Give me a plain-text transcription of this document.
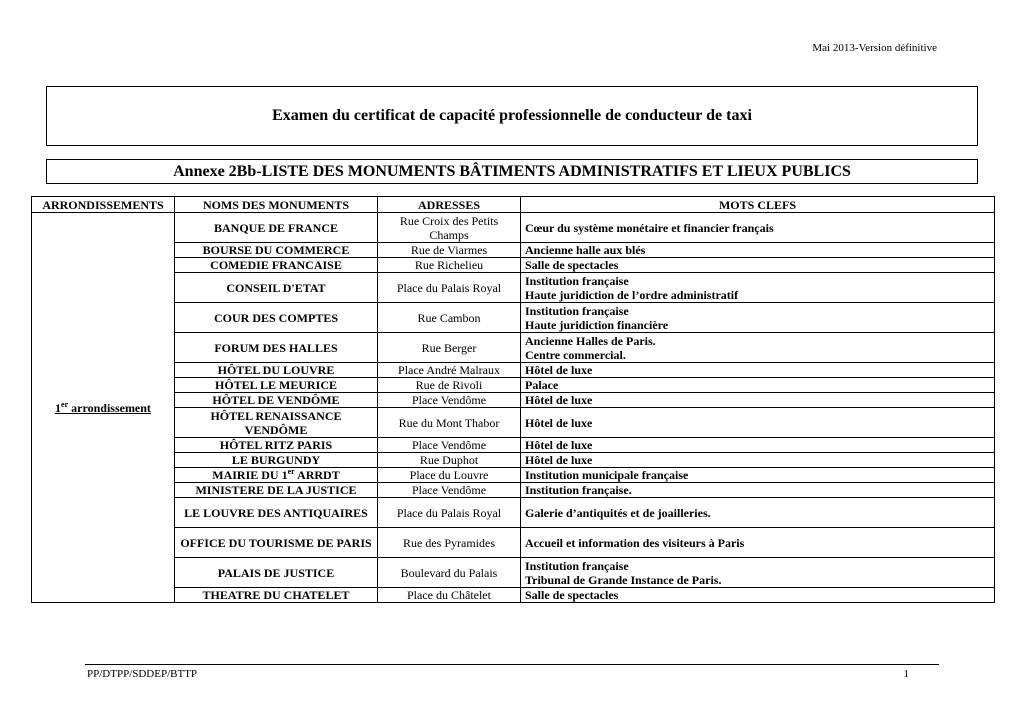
Mai 2013-Version définitive
Examen du certificat de capacité professionnelle de conducteur de taxi
Annexe 2Bb-LISTE DES MONUMENTS BÂTIMENTS ADMINISTRATIFS ET LIEUX PUBLICS
ARRONDISSEMENTS	NOMS DES MONUMENTS	ADRESSES	MOTS CLEFS
1er arrondissement	BANQUE DE FRANCE	Rue Croix des Petits Champs	Cœur du système monétaire et financier français

	BOURSE DU COMMERCE	Rue de Viarmes	Ancienne halle aux blés

	COMEDIE FRANCAISE	Rue Richelieu	Salle de spectacles

	CONSEIL D'ETAT	Place du Palais Royal	Institution française
Haute juridiction de l’ordre administratif

	COUR DES COMPTES	Rue Cambon	Institution française
Haute juridiction financière

	FORUM DES HALLES	Rue Berger	Ancienne Halles de Paris.
Centre commercial.

	HÔTEL DU LOUVRE	Place André Malraux	Hôtel de luxe

	HÔTEL LE MEURICE	Rue de Rivoli	Palace

	HÔTEL DE VENDÔME	Place Vendôme	Hôtel de luxe

	HÔTEL RENAISSANCE VENDÔME	Rue du Mont Thabor	Hôtel de luxe

	HÔTEL RITZ PARIS	Place Vendôme	Hôtel de luxe

	LE BURGUNDY	Rue Duphot	Hôtel de luxe

	MAIRIE DU 1er ARRDT	Place du Louvre	Institution municipale française

	MINISTERE DE LA JUSTICE	Place Vendôme	Institution française.

	LE LOUVRE DES ANTIQUAIRES	Place du Palais Royal	Galerie d’antiquités et de joailleries.

	OFFICE DU TOURISME DE PARIS	Rue des Pyramides	Accueil et information des visiteurs à Paris

	PALAIS DE JUSTICE	Boulevard du Palais	Institution française
Tribunal de Grande Instance de Paris.

	THEATRE DU CHATELET	Place du Châtelet	Salle de spectacles
PP/DTPP/SDDEP/BTTP	1
